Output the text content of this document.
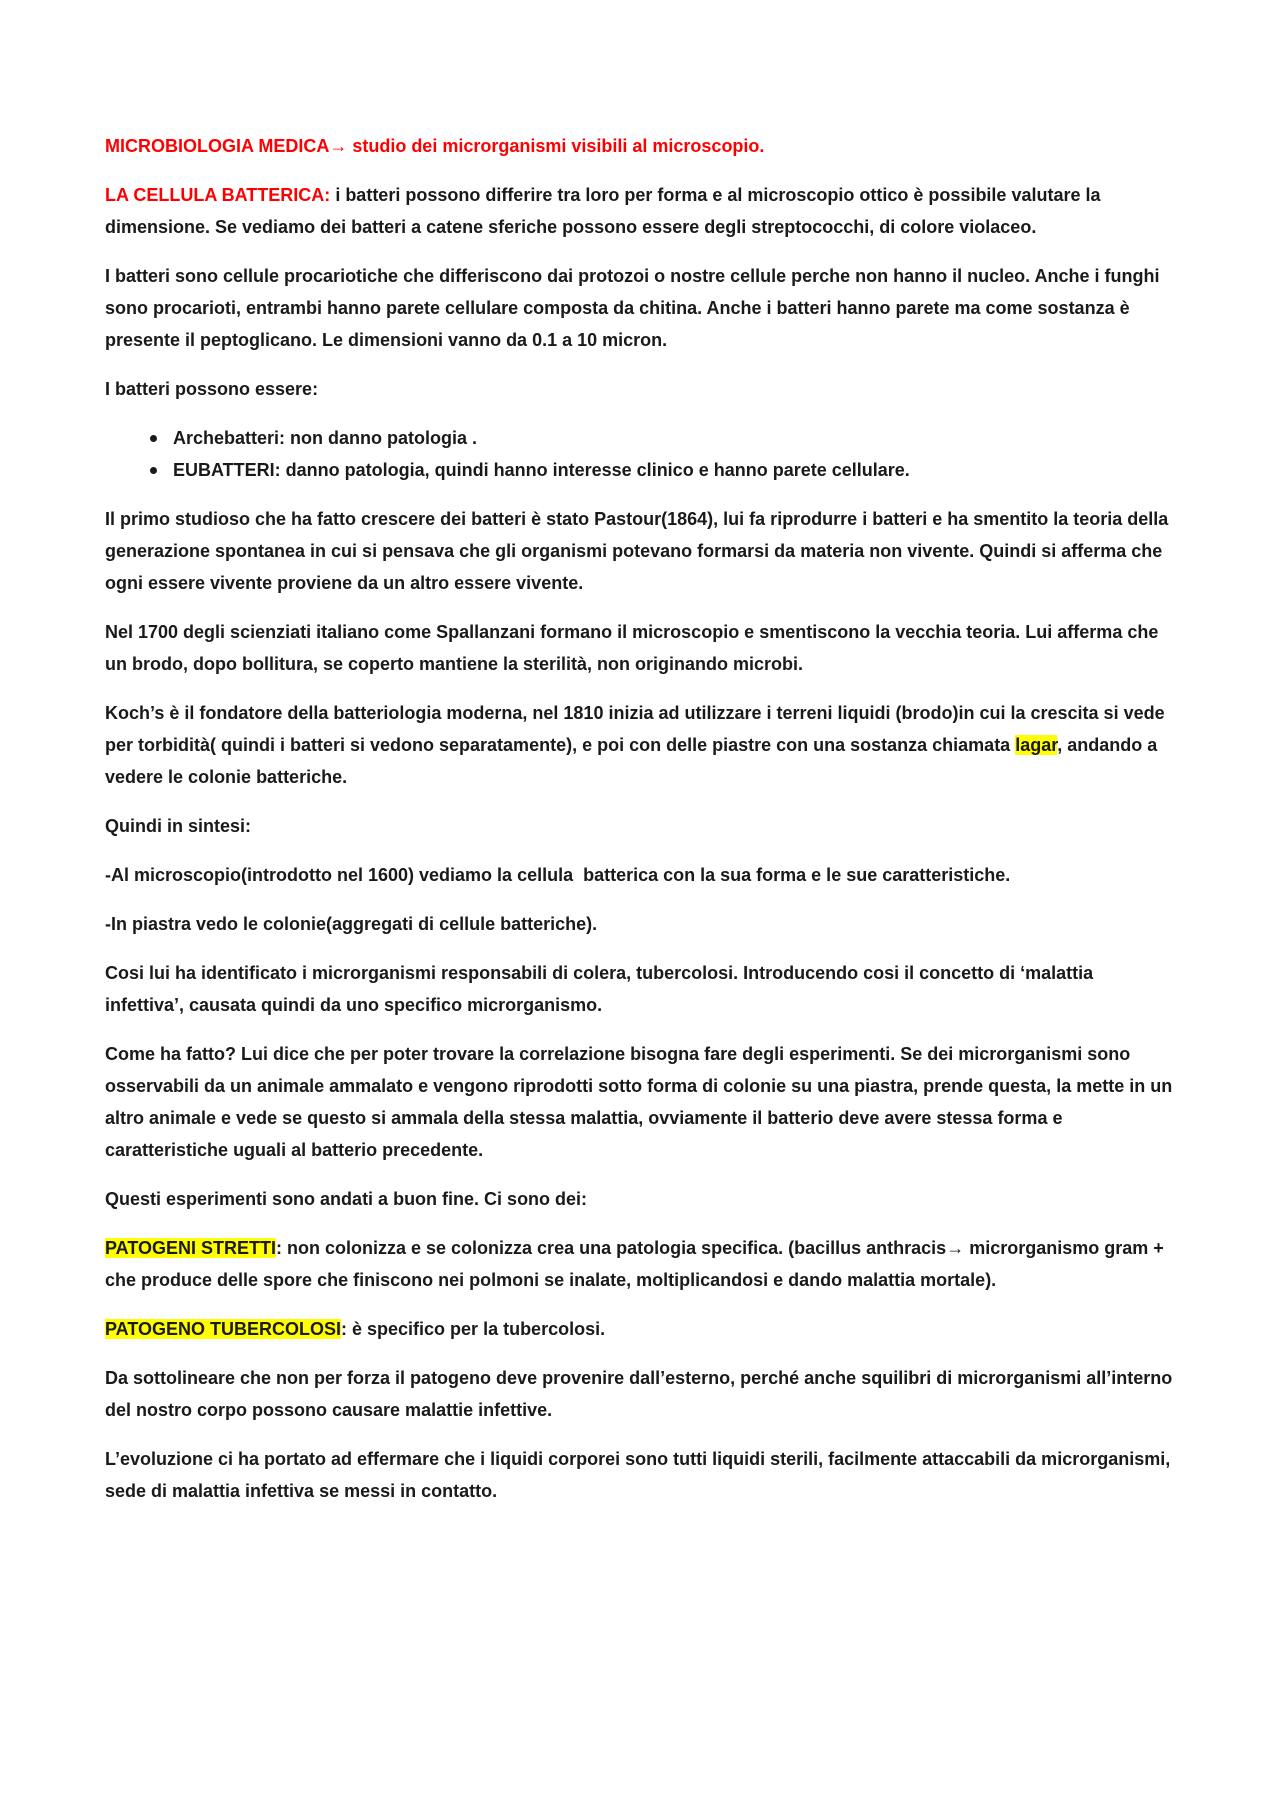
MICROBIOLOGIA MEDICA→ studio dei microrganismi visibili al microscopio.

LA CELLULA BATTERICA: i batteri possono differire tra loro per forma e al microscopio ottico è possibile valutare la dimensione. Se vediamo dei batteri a catene sferiche possono essere degli streptococchi, di colore violaceo.

I batteri sono cellule procariotiche che differiscono dai protozoi o nostre cellule perche non hanno il nucleo. Anche i funghi sono procarioti, entrambi hanno parete cellulare composta da chitina. Anche i batteri hanno parete ma come sostanza è presente il peptoglicano. Le dimensioni vanno da 0.1 a 10 micron.

I batteri possono essere:

Archebatteri: non danno patologia .
EUBATTERI: danno patologia, quindi hanno interesse clinico e hanno parete cellulare.

Il primo studioso che ha fatto crescere dei batteri è stato Pastour(1864), lui fa riprodurre i batteri e ha smentito la teoria della generazione spontanea in cui si pensava che gli organismi potevano formarsi da materia non vivente. Quindi si afferma che ogni essere vivente proviene da un altro essere vivente.

Nel 1700 degli scienziati italiano come Spallanzani formano il microscopio e smentiscono la vecchia teoria. Lui afferma che un brodo, dopo bollitura, se coperto mantiene la sterilità, non originando microbi.

Koch’s è il fondatore della batteriologia moderna, nel 1810 inizia ad utilizzare i terreni liquidi (brodo)in cui la crescita si vede per torbidità( quindi i batteri si vedono separatamente), e poi con delle piastre con una sostanza chiamata lagar, andando a vedere le colonie batteriche.

Quindi in sintesi:

-Al microscopio(introdotto nel 1600) vediamo la cellula  batterica con la sua forma e le sue caratteristiche.

-In piastra vedo le colonie(aggregati di cellule batteriche).

Cosi lui ha identificato i microrganismi responsabili di colera, tubercolosi. Introducendo cosi il concetto di ‘malattia infettiva’, causata quindi da uno specifico microrganismo.

Come ha fatto? Lui dice che per poter trovare la correlazione bisogna fare degli esperimenti. Se dei microrganismi sono osservabili da un animale ammalato e vengono riprodotti sotto forma di colonie su una piastra, prende questa, la mette in un altro animale e vede se questo si ammala della stessa malattia, ovviamente il batterio deve avere stessa forma e caratteristiche uguali al batterio precedente.

Questi esperimenti sono andati a buon fine. Ci sono dei:

PATOGENI STRETTI: non colonizza e se colonizza crea una patologia specifica. (bacillus anthracis→ microrganismo gram + che produce delle spore che finiscono nei polmoni se inalate, moltiplicandosi e dando malattia mortale).

PATOGENO TUBERCOLOSI: è specifico per la tubercolosi.

Da sottolineare che non per forza il patogeno deve provenire dall’esterno, perché anche squilibri di microrganismi all’interno del nostro corpo possono causare malattie infettive.

L’evoluzione ci ha portato ad effermare che i liquidi corporei sono tutti liquidi sterili, facilmente attaccabili da microrganismi, sede di malattia infettiva se messi in contatto.
